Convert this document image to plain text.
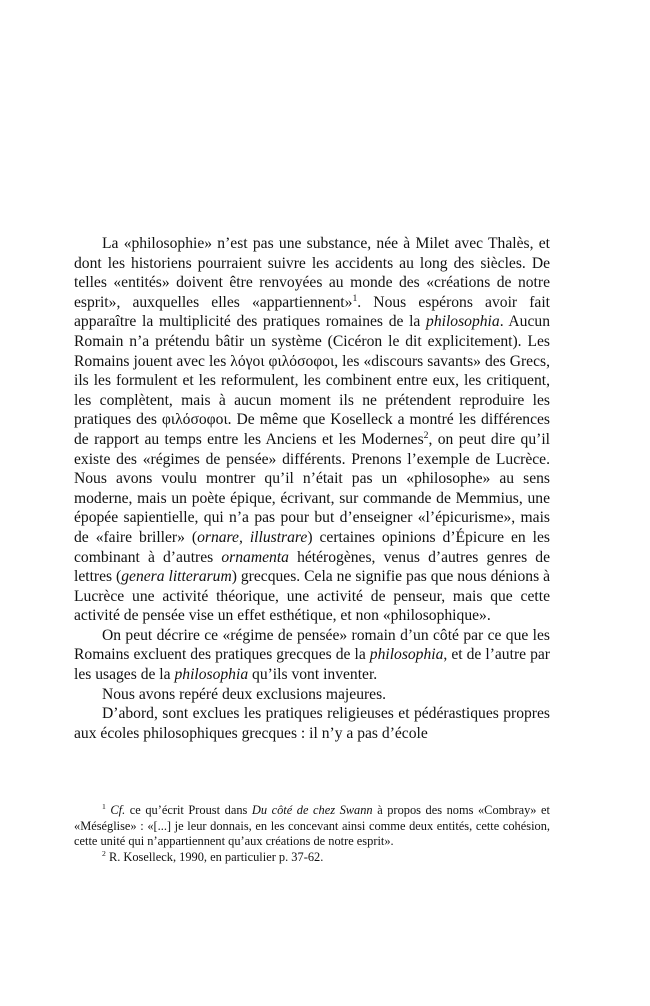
La «philosophie» n’est pas une substance, née à Milet avec Thalès, et dont les historiens pourraient suivre les accidents au long des siècles. De telles «entités» doivent être renvoyées au monde des «créations de notre esprit», auxquelles elles «appartiennent»$^1$. Nous espérons avoir fait apparaître la multiplicité des pratiques romaines de la philosophia. Aucun Romain n’a prétendu bâtir un système (Cicéron le dit explicitement). Les Romains jouent avec les λόγοι φιλόσοφοι, les «discours savants» des Grecs, ils les formulent et les reformulent, les combinent entre eux, les critiquent, les complètent, mais à aucun moment ils ne prétendent reproduire les pratiques des φιλόσοφοι. De même que Koselleck a montré les différences de rapport au temps entre les Anciens et les Modernes$^2$, on peut dire qu’il existe des «régimes de pensée» différents. Prenons l’exemple de Lucrèce. Nous avons voulu montrer qu’il n’était pas un «philosophe» au sens moderne, mais un poète épique, écrivant, sur commande de Memmius, une épopée sapientielle, qui n’a pas pour but d’enseigner «l’épicurisme», mais de «faire briller» (ornare, illustrare) certaines opinions d’Épicure en les combinant à d’autres ornamenta hétérogènes, venus d’autres genres de lettres (genera litterarum) grecques. Cela ne signifie pas que nous dénions à Lucrèce une activité théorique, une activité de penseur, mais que cette activité de pensée vise un effet esthétique, et non «philosophique».

On peut décrire ce «régime de pensée» romain d’un côté par ce que les Romains excluent des pratiques grecques de la philosophia, et de l’autre par les usages de la philosophia qu’ils vont inventer.

Nous avons repéré deux exclusions majeures.

D’abord, sont exclues les pratiques religieuses et pédérastiques propres aux écoles philosophiques grecques : il n’y a pas d’école

$^1$ Cf. ce qu’écrit Proust dans Du côté de chez Swann à propos des noms «Combray» et «Méséglise» : «[...] je leur donnais, en les concevant ainsi comme deux entités, cette cohésion, cette unité qui n’appartiennent qu’aux créations de notre esprit».

$^2$ R. Koselleck, 1990, en particulier p. 37-62.
